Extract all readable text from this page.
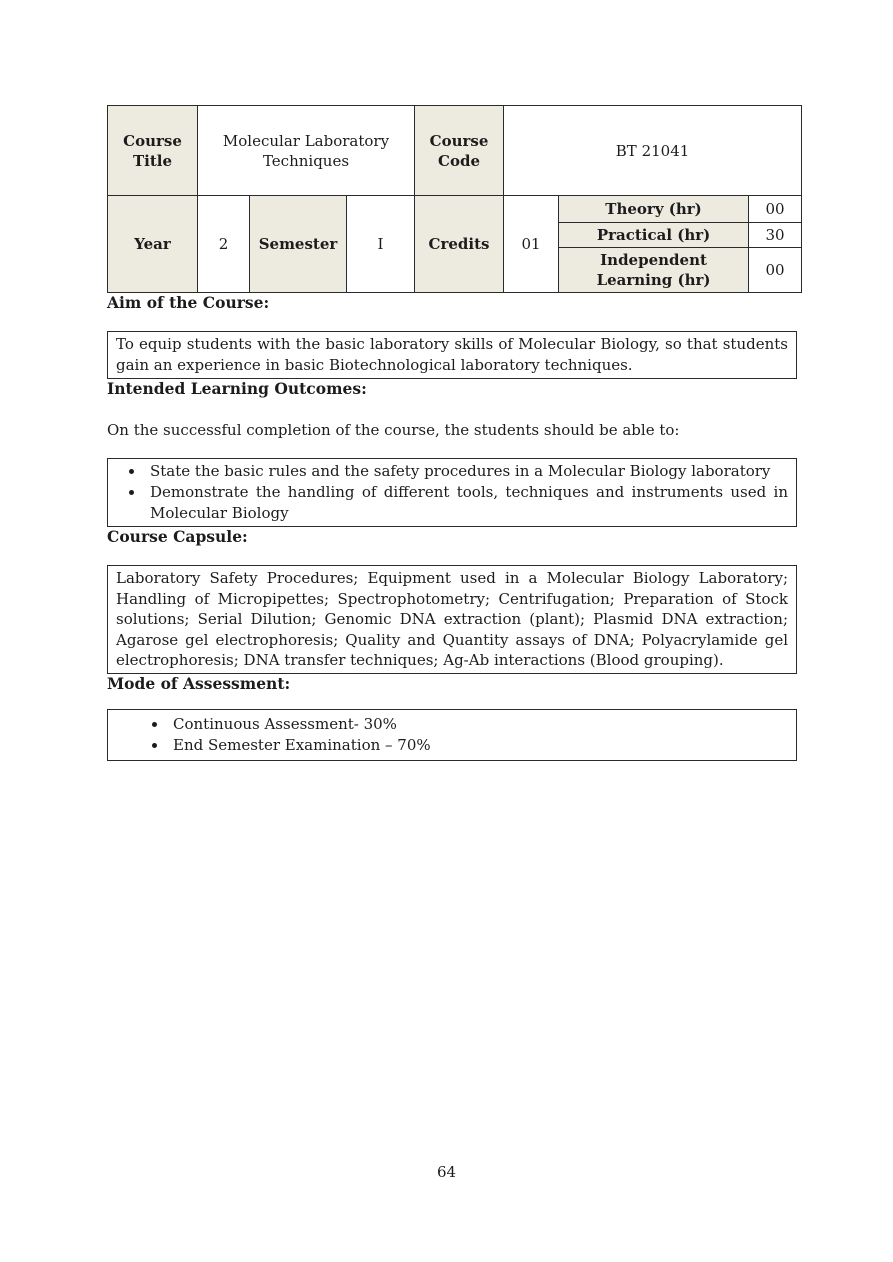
Course Title	Molecular Laboratory Techniques			Course Code	BT 21041		
Year	2	Semester	I	Credits	01	Theory (hr)	00
						Practical (hr)	30
						Independent Learning (hr)	00
Aim of the Course:

To equip students with the basic laboratory skills of Molecular Biology, so that students gain an experience in basic Biotechnological laboratory techniques.

Intended Learning Outcomes:

On the successful completion of the course, the students should be able to:

• State the basic rules and the safety procedures in a Molecular Biology laboratory
• Demonstrate the handling of different tools, techniques and instruments used in Molecular Biology
Course Capsule:

Laboratory Safety Procedures; Equipment used in a Molecular Biology Laboratory; Handling of Micropipettes; Spectrophotometry; Centrifugation; Preparation of Stock solutions; Serial Dilution; Genomic DNA extraction (plant); Plasmid DNA extraction; Agarose gel electrophoresis; Quality and Quantity assays of DNA; Polyacrylamide gel electrophoresis; DNA transfer techniques; Ag-Ab interactions (Blood grouping).

Mode of Assessment:
• Continuous Assessment- 30%
• End Semester Examination – 70%
64
